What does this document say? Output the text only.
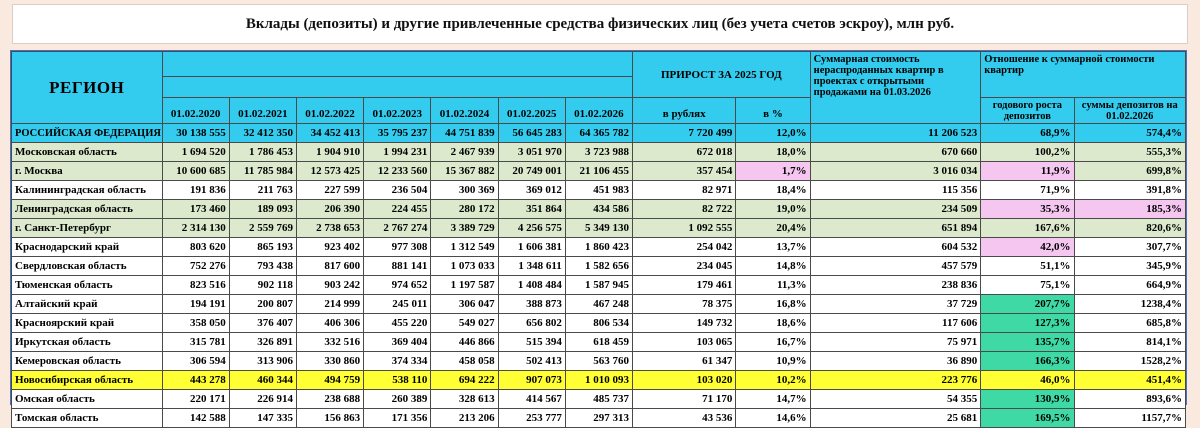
Вклады (депозиты) и другие привлеченные средства физических лиц (без учета счетов эскроу), млн руб.
РЕГИОН								ПРИРОСТ ЗА 2025 ГОД		Суммарная стоимость нераспроданных квартир в проектах с открытыми продажами на 01.03.2026	Отношение к суммарной стоимости квартир	

	01.02.2020	01.02.2021	01.02.2022	01.02.2023	01.02.2024	01.02.2025	01.02.2026	в рублях	в %		годового роста депозитов	суммы депозитов на 01.02.2026
РОССИЙСКАЯ ФЕДЕРАЦИЯ	30 138 555	32 412 350	34 452 413	35 795 237	44 751 839	56 645 283	64 365 782	7 720 499	12,0%	11 206 523	68,9%	574,4%
Московская область	1 694 520	1 786 453	1 904 910	1 994 231	2 467 939	3 051 970	3 723 988	672 018	18,0%	670 660	100,2%	555,3%
г. Москва	10 600 685	11 785 984	12 573 425	12 233 560	15 367 882	20 749 001	21 106 455	357 454	1,7%	3 016 034	11,9%	699,8%
Калининградская область	191 836	211 763	227 599	236 504	300 369	369 012	451 983	82 971	18,4%	115 356	71,9%	391,8%
Ленинградская область	173 460	189 093	206 390	224 455	280 172	351 864	434 586	82 722	19,0%	234 509	35,3%	185,3%
г. Санкт-Петербург	2 314 130	2 559 769	2 738 653	2 767 274	3 389 729	4 256 575	5 349 130	1 092 555	20,4%	651 894	167,6%	820,6%
Краснодарский край	803 620	865 193	923 402	977 308	1 312 549	1 606 381	1 860 423	254 042	13,7%	604 532	42,0%	307,7%
Свердловская область	752 276	793 438	817 600	881 141	1 073 033	1 348 611	1 582 656	234 045	14,8%	457 579	51,1%	345,9%
Тюменская область	823 516	902 118	903 242	974 652	1 197 587	1 408 484	1 587 945	179 461	11,3%	238 836	75,1%	664,9%
Алтайский край	194 191	200 807	214 999	245 011	306 047	388 873	467 248	78 375	16,8%	37 729	207,7%	1238,4%
Красноярский край	358 050	376 407	406 306	455 220	549 027	656 802	806 534	149 732	18,6%	117 606	127,3%	685,8%
Иркутская область	315 781	326 891	332 516	369 404	446 866	515 394	618 459	103 065	16,7%	75 971	135,7%	814,1%
Кемеровская область	306 594	313 906	330 860	374 334	458 058	502 413	563 760	61 347	10,9%	36 890	166,3%	1528,2%
Новосибирская область	443 278	460 344	494 759	538 110	694 222	907 073	1 010 093	103 020	10,2%	223 776	46,0%	451,4%
Омская область	220 171	226 914	238 688	260 389	328 613	414 567	485 737	71 170	14,7%	54 355	130,9%	893,6%
Томская область	142 588	147 335	156 863	171 356	213 206	253 777	297 313	43 536	14,6%	25 681	169,5%	1157,7%
